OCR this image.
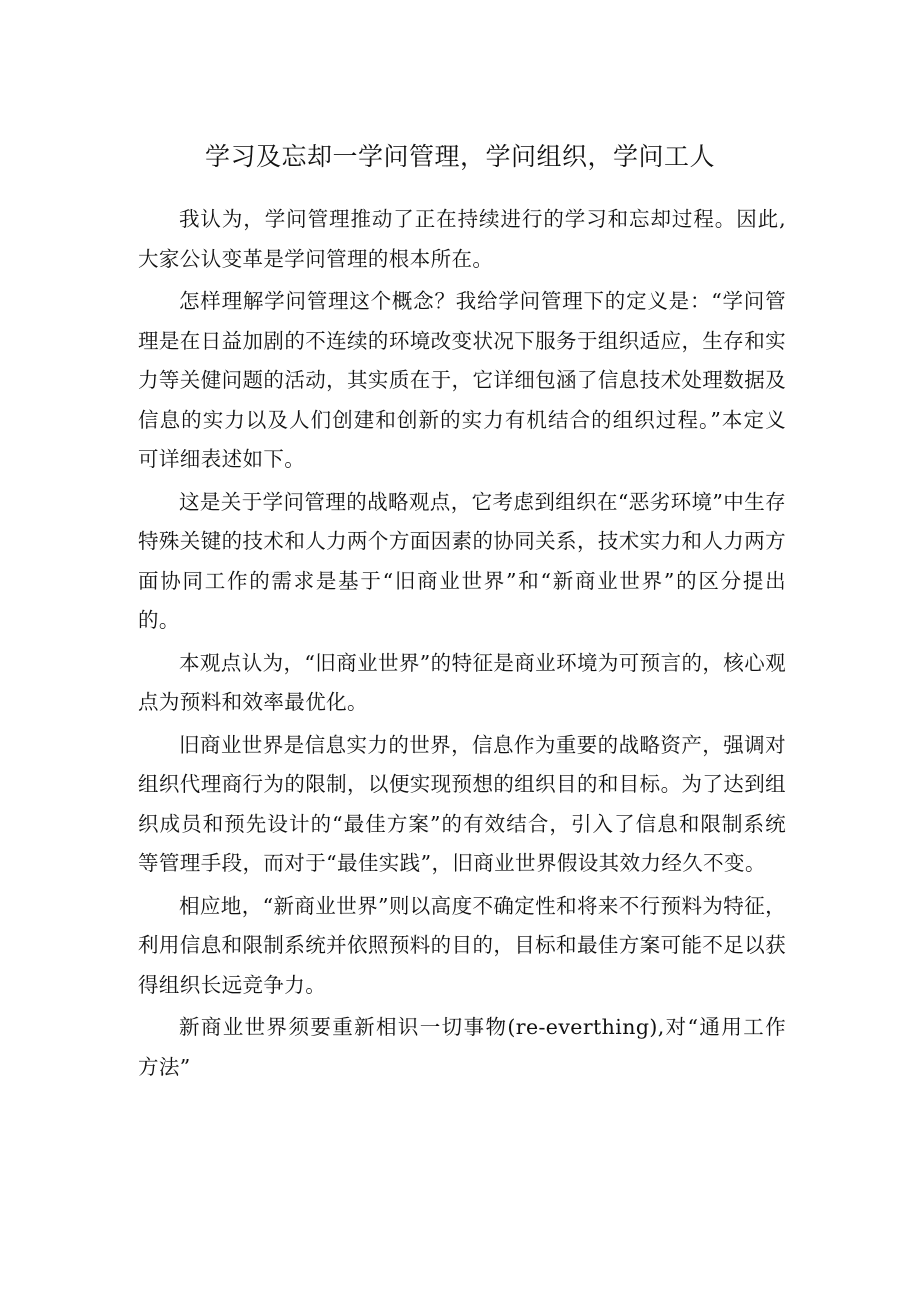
学习及忘却一学问管理，学问组织，学问工人

我认为，学问管理推动了正在持续进行的学习和忘却过程。因此,大家公认变革是学问管理的根本所在。

怎样理解学问管理这个概念？我给学问管理下的定义是：“学问管理是在日益加剧的不连续的环境改变状况下服务于组织适应，生存和实力等关健问题的活动，其实质在于，它详细包涵了信息技术处理数据及信息的实力以及人们创建和创新的实力有机结合的组织过程。”本定义可详细表述如下。

这是关于学问管理的战略观点，它考虑到组织在“恶劣环境”中生存特殊关键的技术和人力两个方面因素的协同关系，技术实力和人力两方面协同工作的需求是基于“旧商业世界”和“新商业世界”的区分提出的。

本观点认为，“旧商业世界”的特征是商业环境为可预言的，核心观点为预料和效率最优化。

旧商业世界是信息实力的世界，信息作为重要的战略资产，强调对组织代理商行为的限制，以便实现预想的组织目的和目标。为了达到组织成员和预先设计的“最佳方案”的有效结合，引入了信息和限制系统等管理手段，而对于“最佳实践”，旧商业世界假设其效力经久不变。

相应地，“新商业世界”则以高度不确定性和将来不行预料为特征，利用信息和限制系统并依照预料的目的，目标和最佳方案可能不足以获得组织长远竞争力。

新商业世界须要重新相识一切事物(re-everthing),对“通用工作方法”
